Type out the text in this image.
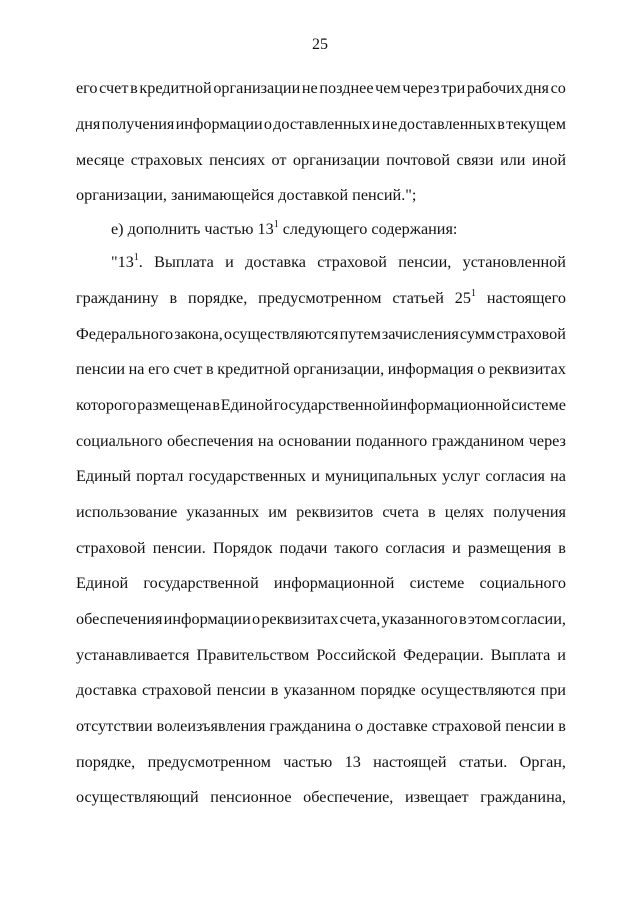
25
его счет в кредитной организации не позднее чем через три рабочих дня со
дня получения информации о доставленных и не доставленных в текущем
месяце страховых пенсиях от организации почтовой связи или иной
организации, занимающейся доставкой пенсий.";
е) дополнить частью $13^1$ следующего содержания:
"$13^1$. Выплата и доставка страховой пенсии, установленной
гражданину в порядке, предусмотренном статьей $25^1$ настоящего
Федерального закона, осуществляются путем зачисления сумм страховой
пенсии на его счет в кредитной организации, информация о реквизитах
которого размещена в Единой государственной информационной системе
социального обеспечения на основании поданного гражданином через
Единый портал государственных и муниципальных услуг согласия на
использование указанных им реквизитов счета в целях получения
страховой пенсии. Порядок подачи такого согласия и размещения в
Единой государственной информационной системе социального
обеспечения информации о реквизитах счета, указанного в этом согласии,
устанавливается Правительством Российской Федерации. Выплата и
доставка страховой пенсии в указанном порядке осуществляются при
отсутствии волеизъявления гражданина о доставке страховой пенсии в
порядке, предусмотренном частью 13 настоящей статьи. Орган,
осуществляющий пенсионное обеспечение, извещает гражданина,
